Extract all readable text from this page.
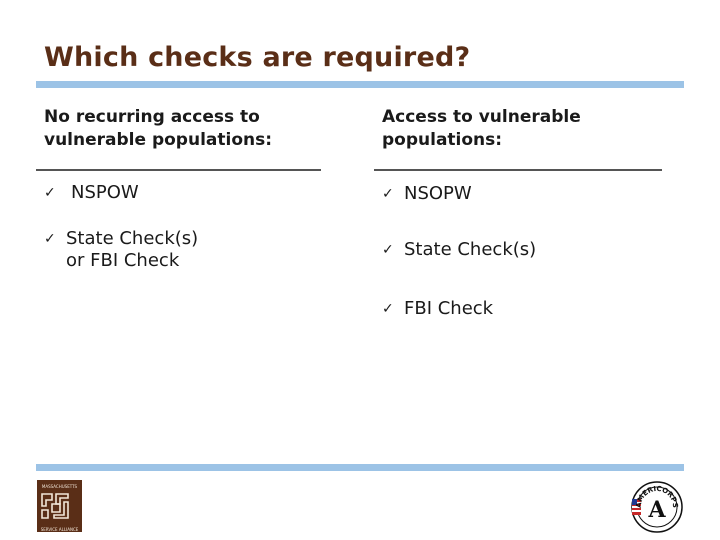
Which checks are required?
No recurring access to
vulnerable populations:
✓ NSPOW
✓ State Check(s)
or FBI Check
Access to vulnerable
populations:
✓ NSOPW
✓ State Check(s)
✓ FBI Check
MASSACHUSETTS
SERVICE ALLIANCE
AMERICORPS
A
